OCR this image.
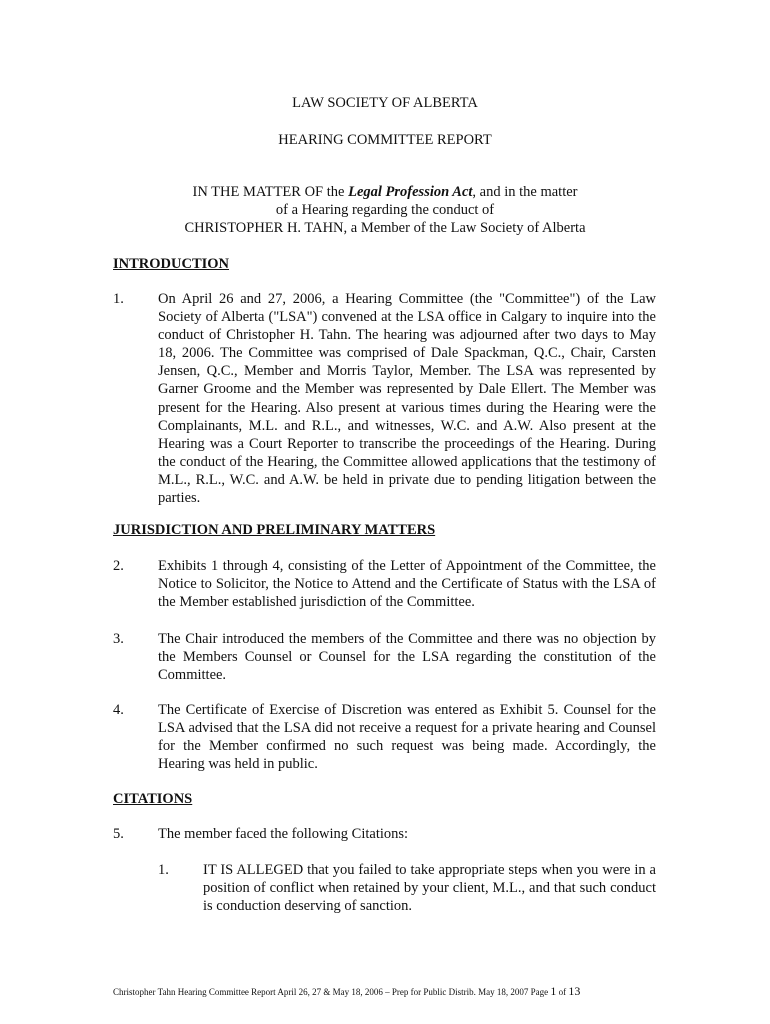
LAW SOCIETY OF ALBERTA
HEARING COMMITTEE REPORT
IN THE MATTER OF the Legal Profession Act, and in the matter
of a Hearing regarding the conduct of
CHRISTOPHER H. TAHN, a Member of the Law Society of Alberta
INTRODUCTION
1. On April 26 and 27, 2006, a Hearing Committee (the "Committee") of the Law Society of Alberta ("LSA") convened at the LSA office in Calgary to inquire into the conduct of Christopher H. Tahn. The hearing was adjourned after two days to May 18, 2006. The Committee was comprised of Dale Spackman, Q.C., Chair, Carsten Jensen, Q.C., Member and Morris Taylor, Member. The LSA was represented by Garner Groome and the Member was represented by Dale Ellert. The Member was present for the Hearing. Also present at various times during the Hearing were the Complainants, M.L. and R.L., and witnesses, W.C. and A.W. Also present at the Hearing was a Court Reporter to transcribe the proceedings of the Hearing. During the conduct of the Hearing, the Committee allowed applications that the testimony of M.L., R.L., W.C. and A.W. be held in private due to pending litigation between the parties.
JURISDICTION AND PRELIMINARY MATTERS
2. Exhibits 1 through 4, consisting of the Letter of Appointment of the Committee, the Notice to Solicitor, the Notice to Attend and the Certificate of Status with the LSA of the Member established jurisdiction of the Committee.
3. The Chair introduced the members of the Committee and there was no objection by the Members Counsel or Counsel for the LSA regarding the constitution of the Committee.
4. The Certificate of Exercise of Discretion was entered as Exhibit 5. Counsel for the LSA advised that the LSA did not receive a request for a private hearing and Counsel for the Member confirmed no such request was being made. Accordingly, the Hearing was held in public.
CITATIONS
5. The member faced the following Citations:
1. IT IS ALLEGED that you failed to take appropriate steps when you were in a position of conflict when retained by your client, M.L., and that such conduct is conduction deserving of sanction.
Christopher Tahn Hearing Committee Report April 26, 27 & May 18, 2006 – Prep for Public Distrib. May 18, 2007 Page 1 of 13
